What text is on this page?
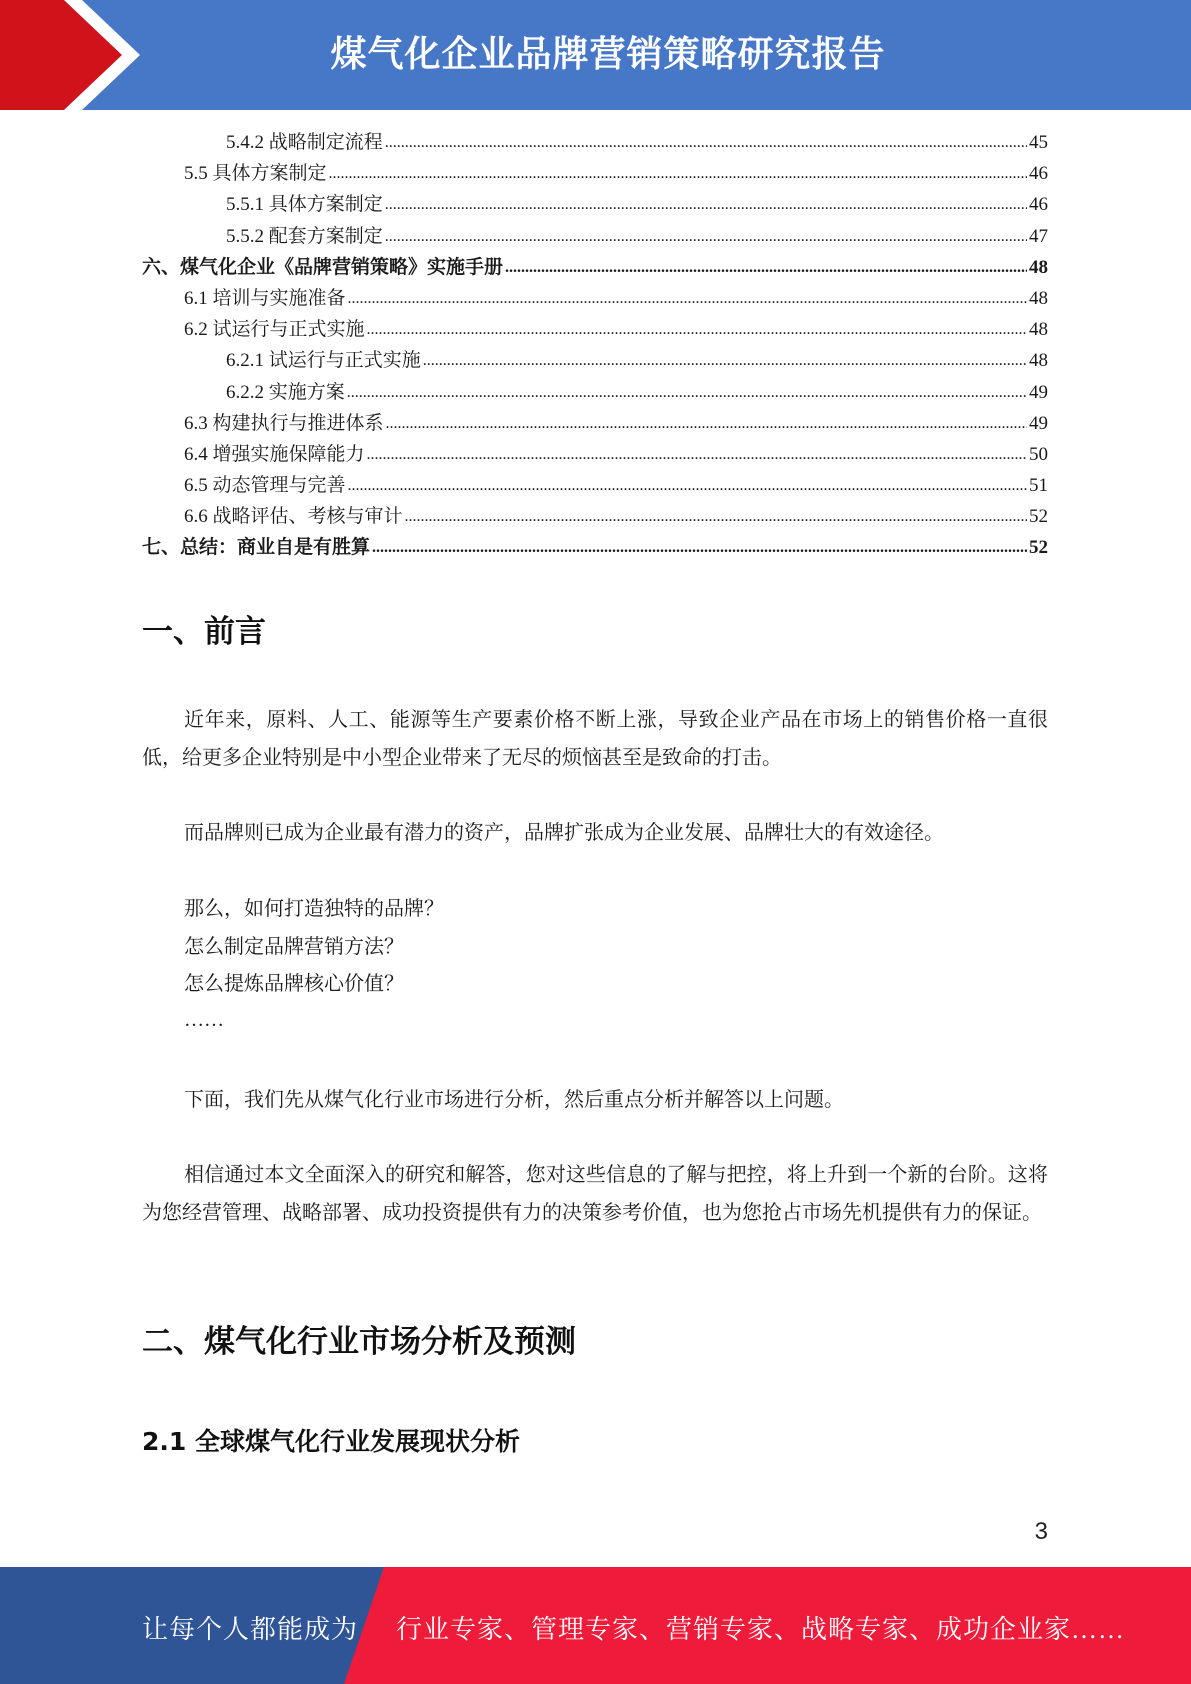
煤气化企业品牌营销策略研究报告
5.4.2 战略制定流程 .....	45
5.5 具体方案制定 .....	46
5.5.1 具体方案制定 .....	46
5.5.2 配套方案制定 .....	47
六、煤气化企业《品牌营销策略》实施手册 .....	48
6.1 培训与实施准备 .....	48
6.2 试运行与正式实施 .....	48
6.2.1 试运行与正式实施 .....	48
6.2.2 实施方案 .....	49
6.3 构建执行与推进体系 .....	49
6.4 增强实施保障能力 .....	50
6.5 动态管理与完善 .....	51
6.6 战略评估、考核与审计 .....	52
七、总结：商业自是有胜算 .....	52
一、前言

近年来，原料、人工、能源等生产要素价格不断上涨，导致企业产品在市场上的销售价格一直很低，给更多企业特别是中小型企业带来了无尽的烦恼甚至是致命的打击。

而品牌则已成为企业最有潜力的资产，品牌扩张成为企业发展、品牌壮大的有效途径。

那么，如何打造独特的品牌？

怎么制定品牌营销方法？

怎么提炼品牌核心价值？

……

下面，我们先从煤气化行业市场进行分析，然后重点分析并解答以上问题。

相信通过本文全面深入的研究和解答，您对这些信息的了解与把控，将上升到一个新的台阶。这将为您经营管理、战略部署、成功投资提供有力的决策参考价值，也为您抢占市场先机提供有力的保证。

二、煤气化行业市场分析及预测
2.1 全球煤气化行业发展现状分析
3
让每个人都能成为 行业专家、管理专家、营销专家、战略专家、成功企业家……
